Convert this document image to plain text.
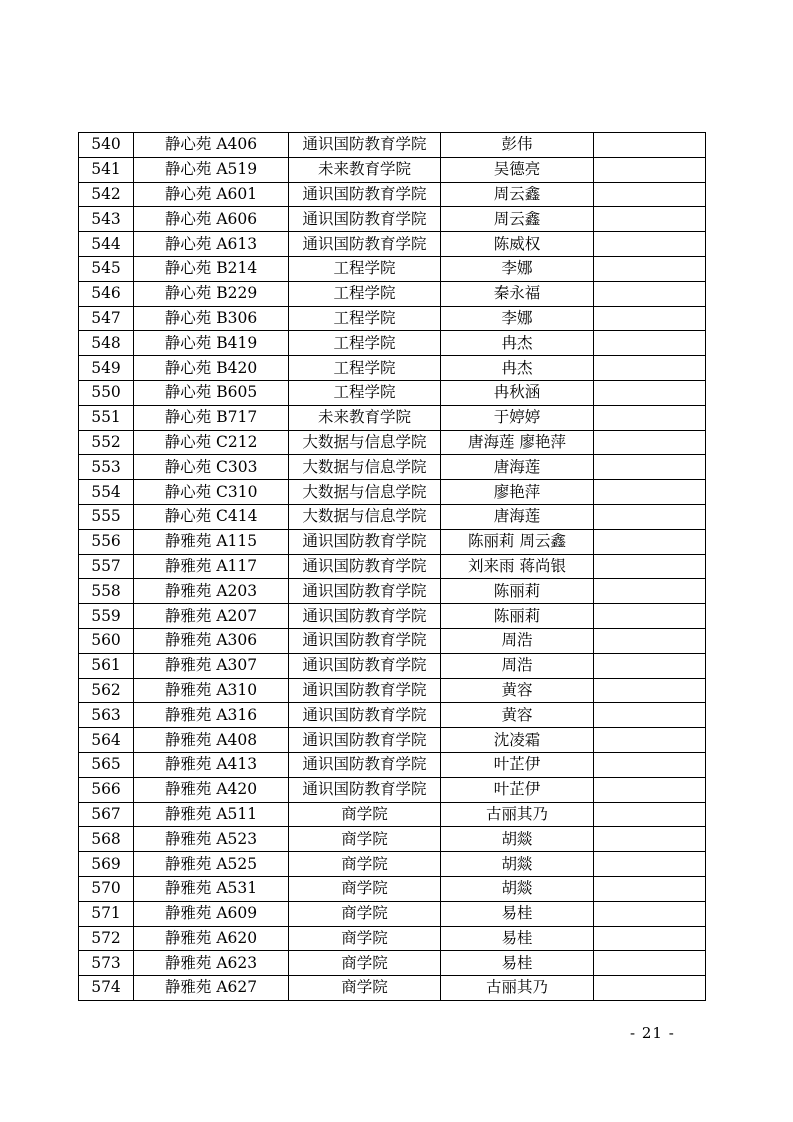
540	静心苑 A406	通识国防教育学院	彭伟	
541	静心苑 A519	未来教育学院	吴德亮	
542	静心苑 A601	通识国防教育学院	周云鑫	
543	静心苑 A606	通识国防教育学院	周云鑫	
544	静心苑 A613	通识国防教育学院	陈威权	
545	静心苑 B214	工程学院	李娜	
546	静心苑 B229	工程学院	秦永福	
547	静心苑 B306	工程学院	李娜	
548	静心苑 B419	工程学院	冉杰	
549	静心苑 B420	工程学院	冉杰	
550	静心苑 B605	工程学院	冉秋涵	
551	静心苑 B717	未来教育学院	于婷婷	
552	静心苑 C212	大数据与信息学院	唐海莲 廖艳萍	
553	静心苑 C303	大数据与信息学院	唐海莲	
554	静心苑 C310	大数据与信息学院	廖艳萍	
555	静心苑 C414	大数据与信息学院	唐海莲	
556	静雅苑 A115	通识国防教育学院	陈丽莉 周云鑫	
557	静雅苑 A117	通识国防教育学院	刘来雨 蒋尚银	
558	静雅苑 A203	通识国防教育学院	陈丽莉	
559	静雅苑 A207	通识国防教育学院	陈丽莉	
560	静雅苑 A306	通识国防教育学院	周浩	
561	静雅苑 A307	通识国防教育学院	周浩	
562	静雅苑 A310	通识国防教育学院	黄容	
563	静雅苑 A316	通识国防教育学院	黄容	
564	静雅苑 A408	通识国防教育学院	沈凌霜	
565	静雅苑 A413	通识国防教育学院	叶芷伊	
566	静雅苑 A420	通识国防教育学院	叶芷伊	
567	静雅苑 A511	商学院	古丽其乃	
568	静雅苑 A523	商学院	胡燚	
569	静雅苑 A525	商学院	胡燚	
570	静雅苑 A531	商学院	胡燚	
571	静雅苑 A609	商学院	易桂	
572	静雅苑 A620	商学院	易桂	
573	静雅苑 A623	商学院	易桂	
574	静雅苑 A627	商学院	古丽其乃	
- 21 -
